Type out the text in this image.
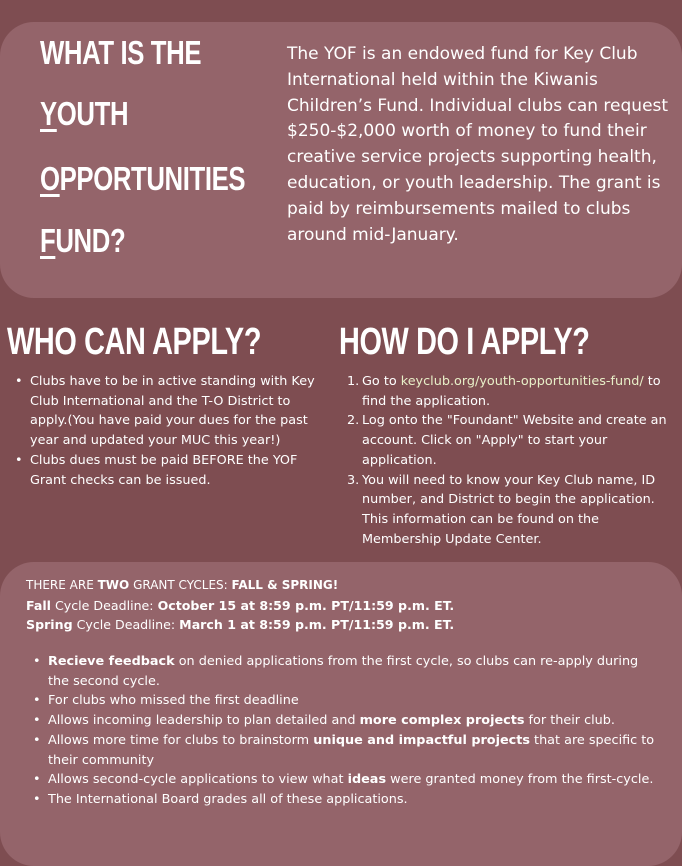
WHAT IS THE
YOUTH
OPPORTUNITIES
FUND?

The YOF is an endowed fund for Key Club International held within the Kiwanis Children’s Fund. Individual clubs can request $250-$2,000 worth of money to fund their creative service projects supporting health, education, or youth leadership. The grant is paid by reimbursements mailed to clubs around mid-January.

WHO CAN APPLY?
• Clubs have to be in active standing with Key Club International and the T-O District to apply.(You have paid your dues for the past year and updated your MUC this year!)
• Clubs dues must be paid BEFORE the YOF Grant checks can be issued.
HOW DO I APPLY?
1. Go to keyclub.org/youth-opportunities-fund/ to find the application.
2. Log onto the "Foundant" Website and create an account. Click on "Apply" to start your application.
3. You will need to know your Key Club name, ID number, and District to begin the application. This information can be found on the Membership Update Center.

THERE ARE TWO GRANT CYCLES: FALL & SPRING!

Fall Cycle Deadline: October 15 at 8:59 p.m. PT/11:59 p.m. ET.

Spring Cycle Deadline: March 1 at 8:59 p.m. PT/11:59 p.m. ET.

• Recieve feedback on denied applications from the first cycle, so clubs can re-apply during the second cycle.
• For clubs who missed the first deadline
• Allows incoming leadership to plan detailed and more complex projects for their club.
• Allows more time for clubs to brainstorm unique and impactful projects that are specific to their community
• Allows second-cycle applications to view what ideas were granted money from the first-cycle.
• The International Board grades all of these applications.
